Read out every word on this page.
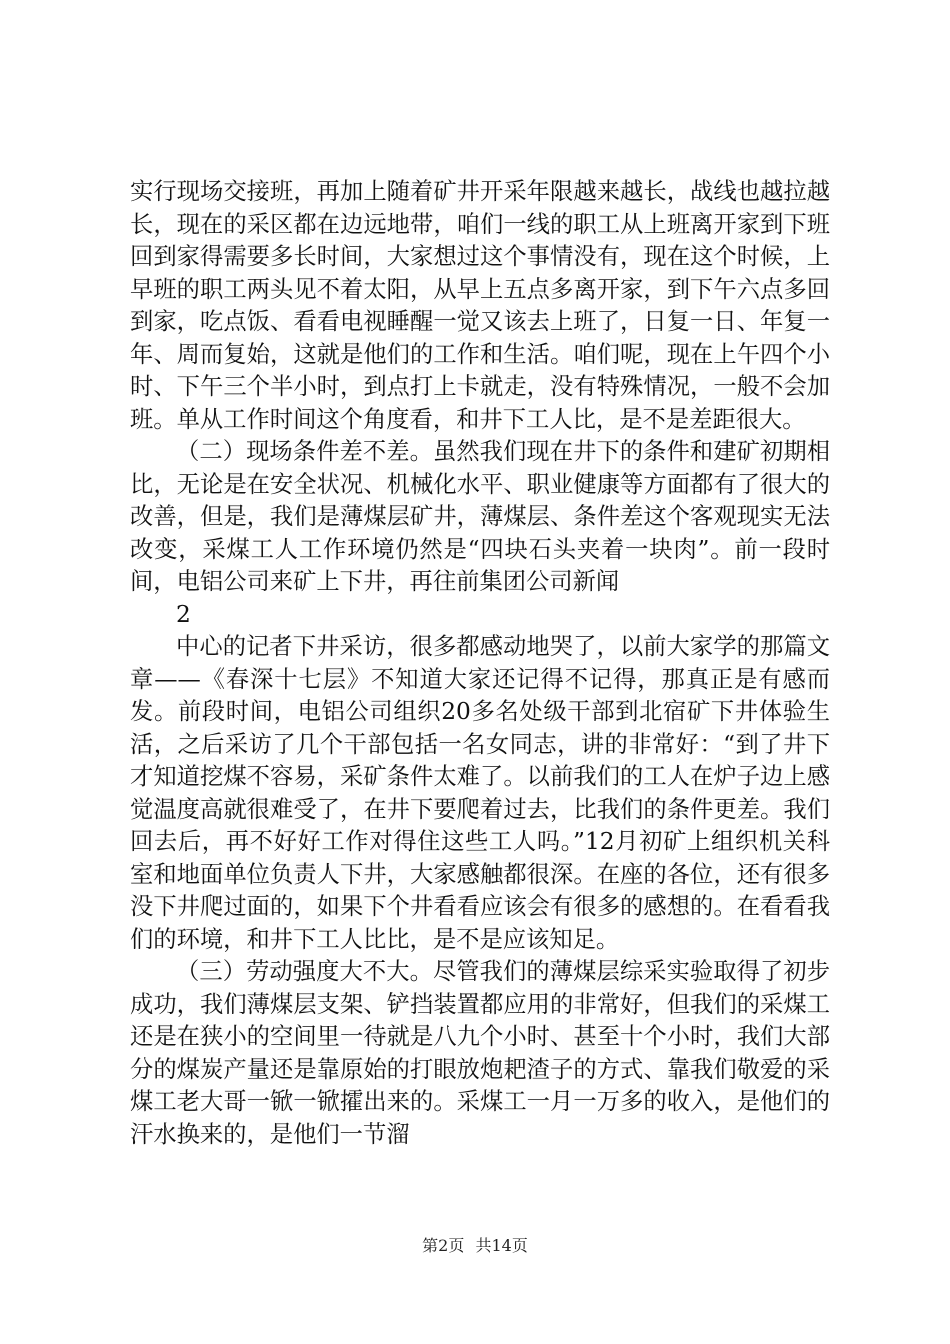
实行现场交接班，再加上随着矿井开采年限越来越长，战线也越拉越长，现在的采区都在边远地带，咱们一线的职工从上班离开家到下班回到家得需要多长时间，大家想过这个事情没有，现在这个时候，上早班的职工两头见不着太阳，从早上五点多离开家，到下午六点多回到家，吃点饭、看看电视睡醒一觉又该去上班了，日复一日、年复一年、周而复始，这就是他们的工作和生活。咱们呢，现在上午四个小时、下午三个半小时，到点打上卡就走，没有特殊情况，一般不会加班。单从工作时间这个角度看，和井下工人比，是不是差距很大。

（二）现场条件差不差。虽然我们现在井下的条件和建矿初期相比，无论是在安全状况、机械化水平、职业健康等方面都有了很大的改善，但是，我们是薄煤层矿井，薄煤层、条件差这个客观现实无法改变，采煤工人工作环境仍然是“四块石头夹着一块肉”。前一段时间，电铝公司来矿上下井，再往前集团公司新闻

2

中心的记者下井采访，很多都感动地哭了，以前大家学的那篇文章——《春深十七层》不知道大家还记得不记得，那真正是有感而发。前段时间，电铝公司组织20多名处级干部到北宿矿下井体验生活，之后采访了几个干部包括一名女同志，讲的非常好：“到了井下才知道挖煤不容易，采矿条件太难了。以前我们的工人在炉子边上感觉温度高就很难受了，在井下要爬着过去，比我们的条件更差。我们回去后，再不好好工作对得住这些工人吗。”12月初矿上组织机关科室和地面单位负责人下井，大家感触都很深。在座的各位，还有很多没下井爬过面的，如果下个井看看应该会有很多的感想的。在看看我们的环境，和井下工人比比，是不是应该知足。

（三）劳动强度大不大。尽管我们的薄煤层综采实验取得了初步成功，我们薄煤层支架、铲挡装置都应用的非常好，但我们的采煤工还是在狭小的空间里一待就是八九个小时、甚至十个小时，我们大部分的煤炭产量还是靠原始的打眼放炮耙渣子的方式、靠我们敬爱的采煤工老大哥一锨一锨攉出来的。采煤工一月一万多的收入，是他们的汗水换来的，是他们一节溜

第2页 共14页
